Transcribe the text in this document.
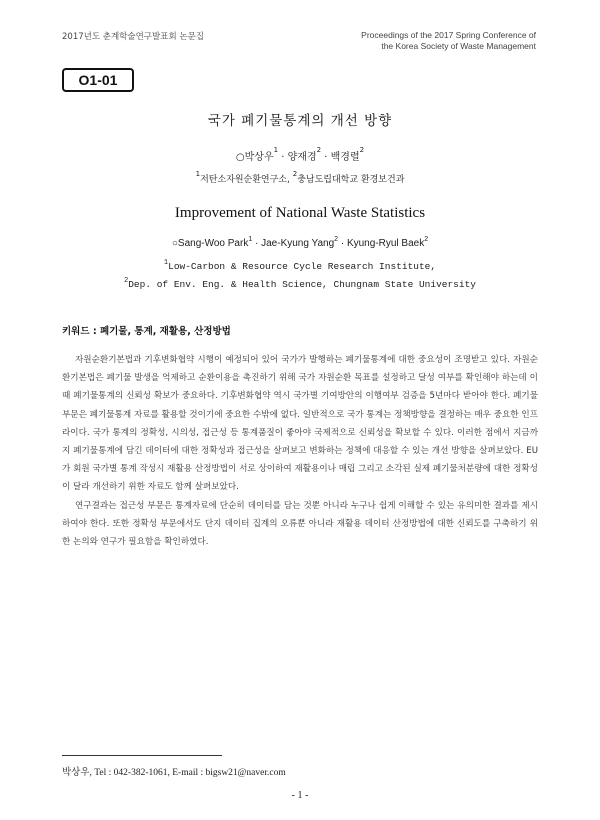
2017년도 춘계학술연구발표회 논문집	Proceedings of the 2017 Spring Conference of
the Korea Society of Waste Management
O1-01
국가 폐기물통계의 개선 방향
○박상우$^1$ · 양재경$^2$ · 백경렬$^2$
$^1$저탄소자원순환연구소, $^2$충남도립대학교 환경보건과
Improvement of National Waste Statistics
○Sang-Woo Park$^1$ · Jae-Kyung Yang$^2$ · Kyung-Ryul Baek$^2$
$^1$Low-Carbon & Resource Cycle Research Institute,
$^2$Dep. of Env. Eng. & Health Science, Chungnam State University
키워드 : 폐기물, 통계, 재활용, 산정방법

자원순환기본법과 기후변화협약 시행이 예정되어 있어 국가가 발행하는 폐기물통계에 대한 중요성이 조명받고 있다. 자원순환기본법은 폐기물 발생을 억제하고 순환이용을 촉진하기 위해 국가 자원순환 목표를 설정하고 달성 여부를 확인해야 하는데 이때 폐기물통계의 신뢰성 확보가 중요하다. 기후변화협약 역시 국가별 기여방안의 이행여부 검증을 5년마다 받아야 한다. 폐기물부문은 폐기물통계 자료를 활용할 것이기에 중요한 수밖에 없다. 일반적으로 국가 통계는 정책방향을 결정하는 매우 중요한 인프라이다. 국가 통계의 정확성, 시의성, 접근성 등 통계품질이 좋아야 국제적으로 신뢰성을 확보할 수 있다. 이러한 점에서 지금까지 폐기물통계에 담긴 데이터에 대한 정확성과 접근성을 살펴보고 변화하는 정책에 대응할 수 있는 개선 방향을 살펴보았다. EU가 회원 국가별 통계 작성시 재활용 산정방법이 서로 상이하여 재활용이나 매립 그리고 소각된 실제 폐기물처분량에 대한 정확성이 달라 개선하기 위한 자료도 함께 살펴보았다.

연구결과는 접근성 부문은 통계자료에 단순히 데이터를 담는 것뿐 아니라 누구나 쉽게 이해할 수 있는 유의미한 결과를 제시하여야 한다. 또한 정확성 부문에서도 단지 데이터 집계의 오류뿐 아니라 재활용 데이터 산정방법에 대한 신뢰도를 구축하기 위한 논의와 연구가 필요함을 확인하였다.

박상우, Tel : 042-382-1061, E-mail : bigsw21@naver.com
- 1 -
